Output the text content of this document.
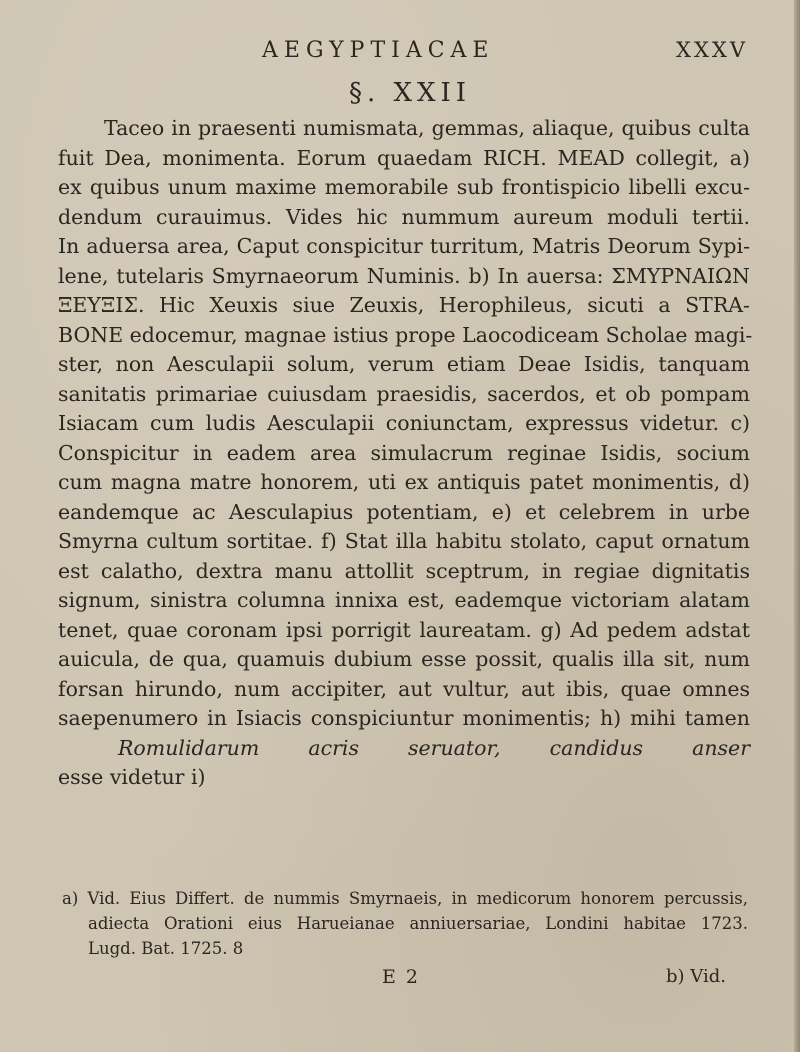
AEGYPTIACAE	XXXV
§. XXII
Taceo in praesenti numismata, gemmas, aliaque, quibus culta
fuit Dea, monimenta. Eorum quaedam RICH. MEAD collegit, a)
ex quibus unum maxime memorabile sub frontispicio libelli excu-
dendum curauimus. Vides hic nummum aureum moduli tertii.
In aduersa area, Caput conspicitur turritum, Matris Deorum Sypi-
lene, tutelaris Smyrnaeorum Numinis. b) In auersa: ΣΜΥΡΝΑΙΩΝ
ΞΕΥΞΙΣ. Hic Xeuxis siue Zeuxis, Herophileus, sicuti a STRA-
BONE edocemur, magnae istius prope Laocodiceam Scholae magi-
ster, non Aesculapii solum, verum etiam Deae Isidis, tanquam
sanitatis primariae cuiusdam praesidis, sacerdos, et ob pompam
Isiacam cum ludis Aesculapii coniunctam, expressus videtur. c)
Conspicitur in eadem area simulacrum reginae Isidis, socium
cum magna matre honorem, uti ex antiquis patet monimentis, d)
eandemque ac Aesculapius potentiam, e) et celebrem in urbe
Smyrna cultum sortitae. f) Stat illa habitu stolato, caput ornatum
est calatho, dextra manu attollit sceptrum, in regiae dignitatis
signum, sinistra columna innixa est, eademque victoriam alatam
tenet, quae coronam ipsi porrigit laureatam. g) Ad pedem adstat
auicula, de qua, quamuis dubium esse possit, qualis illa sit, num
forsan hirundo, num accipiter, aut vultur, aut ibis, quae omnes
saepenumero in Isiacis conspiciuntur monimentis; h) mihi tamen
Romulidarum acris seruator, candidus anser
esse videtur i)
a) Vid. Eius Differt. de nummis Smyrnaeis, in medicorum honorem percussis,
adiecta Orationi eius Harueianae anniuersariae, Londini habitae 1723.
Lugd. Bat. 1725. 8
E 2	b) Vid.
